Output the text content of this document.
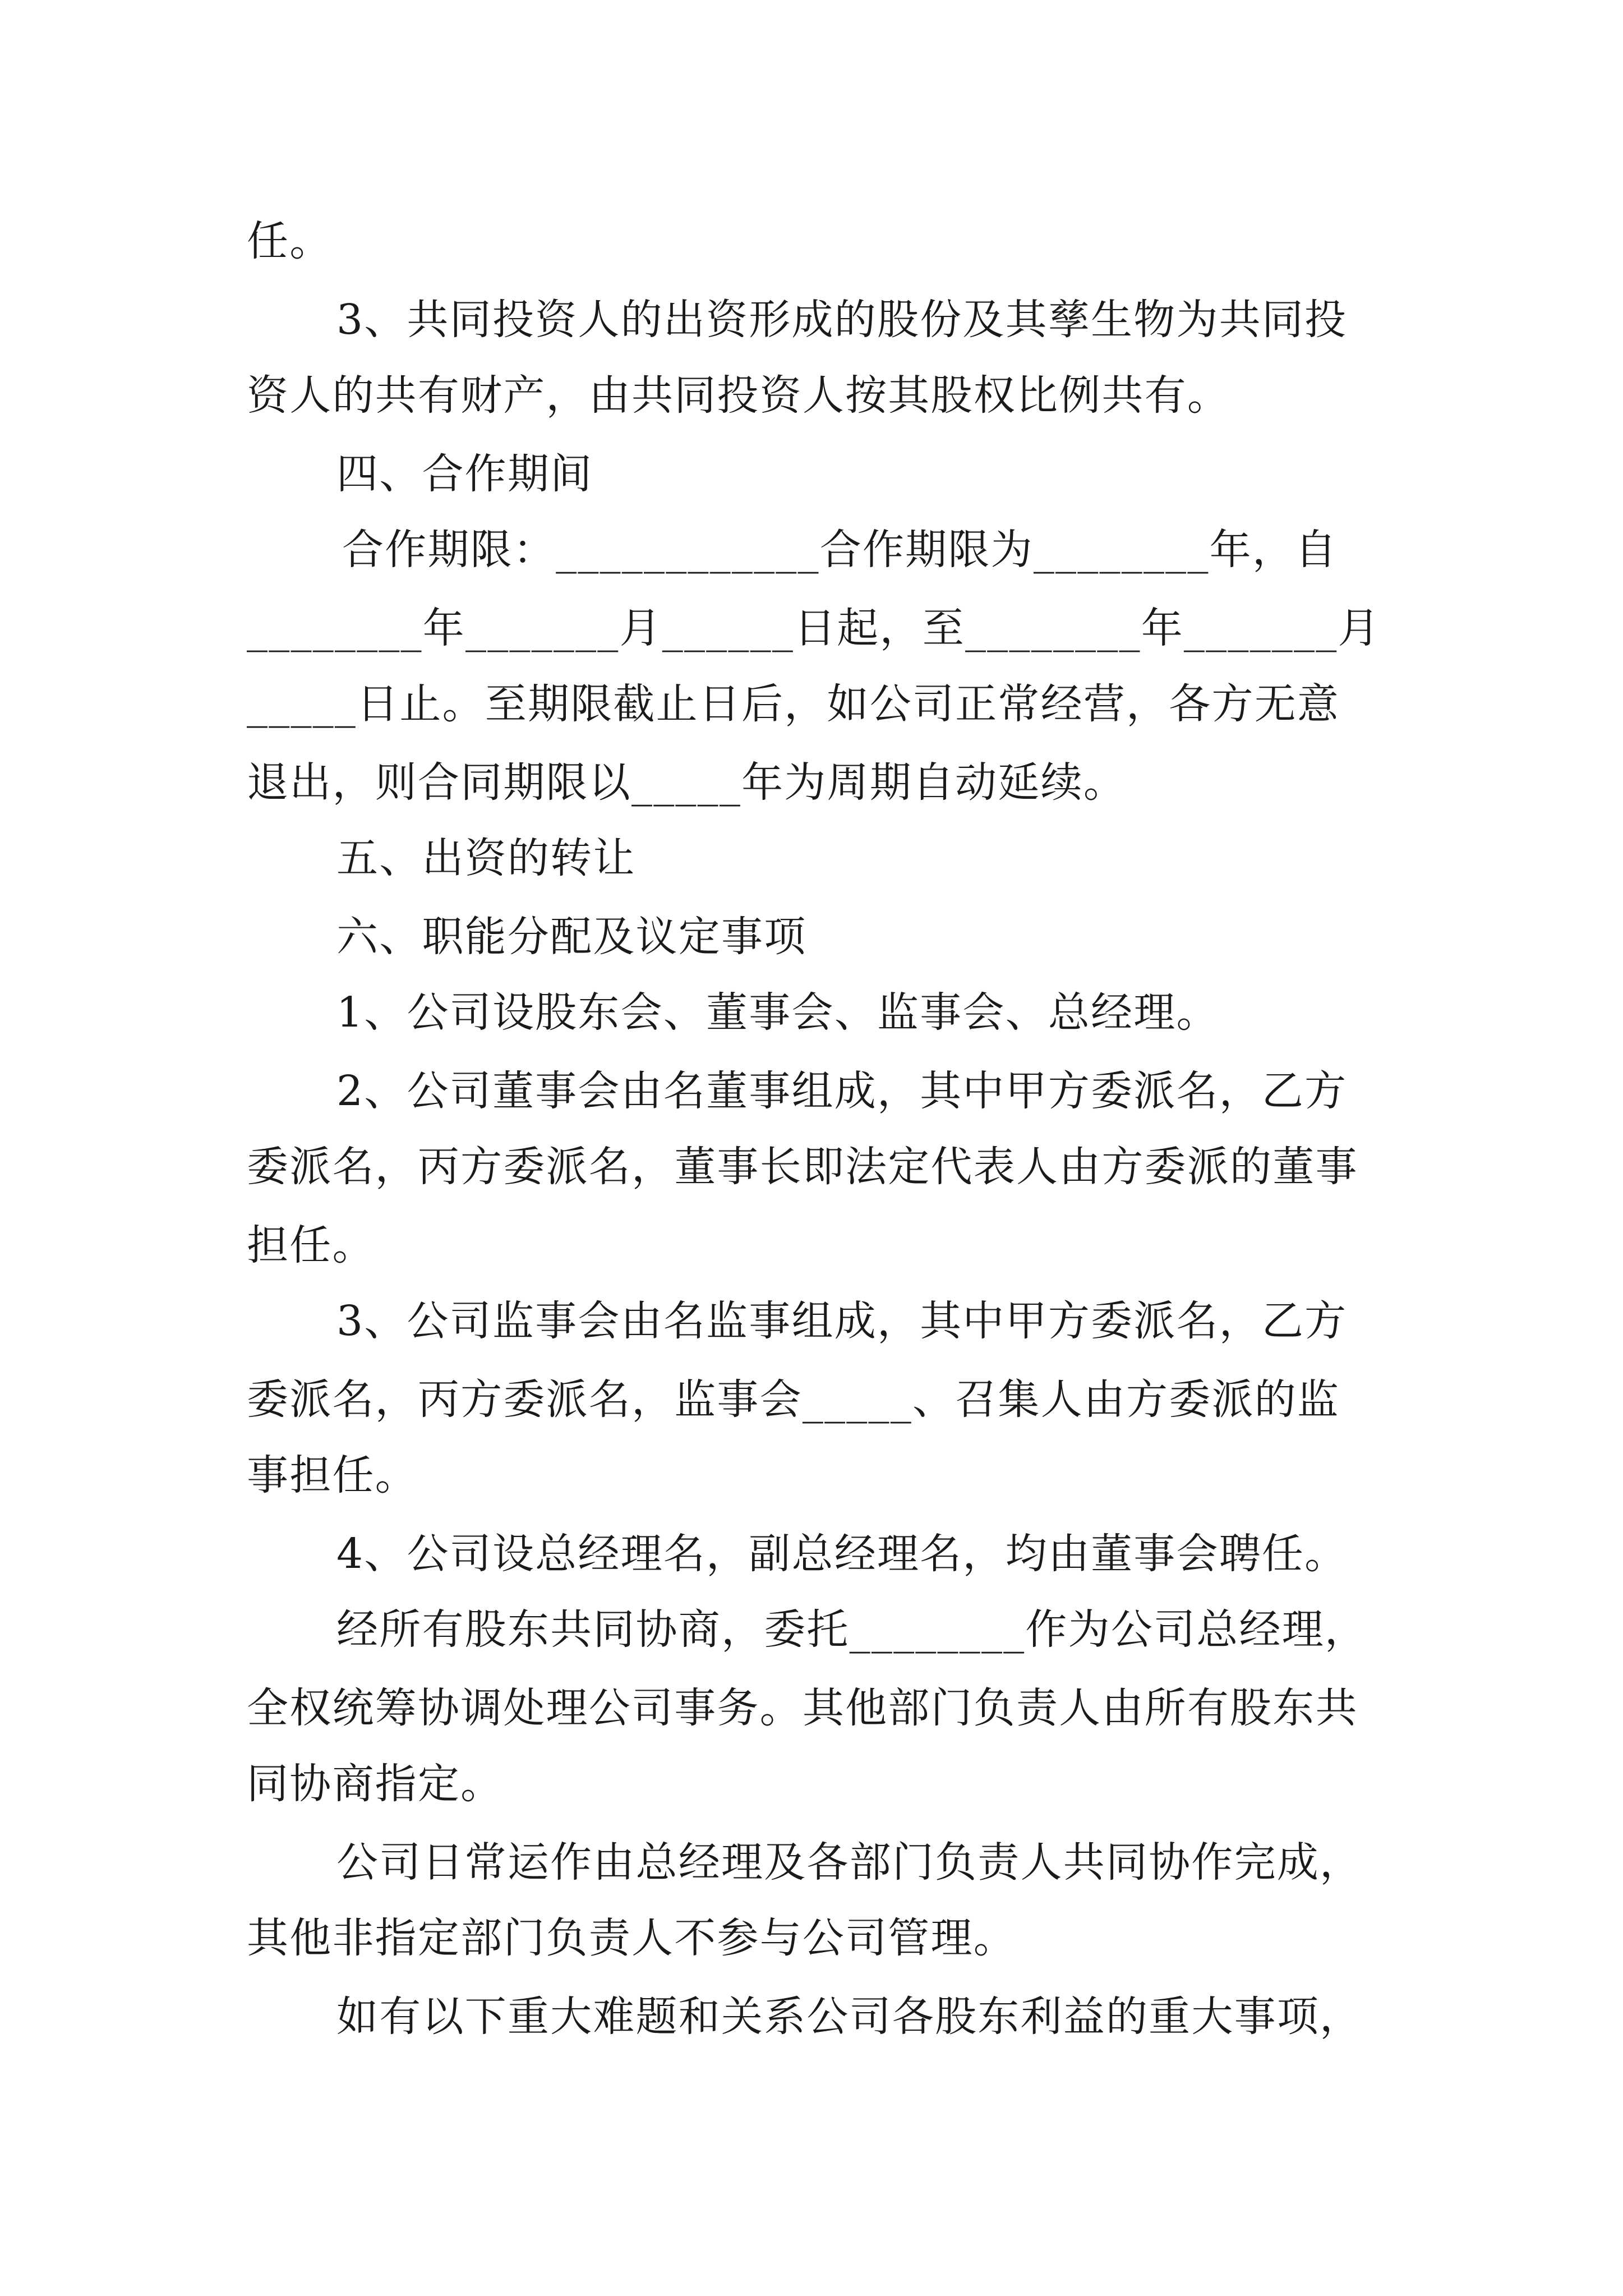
任。
3、共同投资人的出资形成的股份及其孳生物为共同投
资人的共有财产，由共同投资人按其股权比例共有。
四、合作期间
合作期限：____________合作期限为________年，自
________年_______月______日起，至________年_______月
_____日止。至期限截止日后，如公司正常经营，各方无意
退出，则合同期限以_____年为周期自动延续。
五、出资的转让
六、职能分配及议定事项
1、公司设股东会、董事会、监事会、总经理。
2、公司董事会由名董事组成，其中甲方委派名，乙方
委派名，丙方委派名，董事长即法定代表人由方委派的董事
担任。
3、公司监事会由名监事组成，其中甲方委派名，乙方
委派名，丙方委派名，监事会_____、召集人由方委派的监
事担任。
4、公司设总经理名，副总经理名，均由董事会聘任。
经所有股东共同协商，委托________作为公司总经理，
全权统筹协调处理公司事务。其他部门负责人由所有股东共
同协商指定。
公司日常运作由总经理及各部门负责人共同协作完成，
其他非指定部门负责人不参与公司管理。
如有以下重大难题和关系公司各股东利益的重大事项，
